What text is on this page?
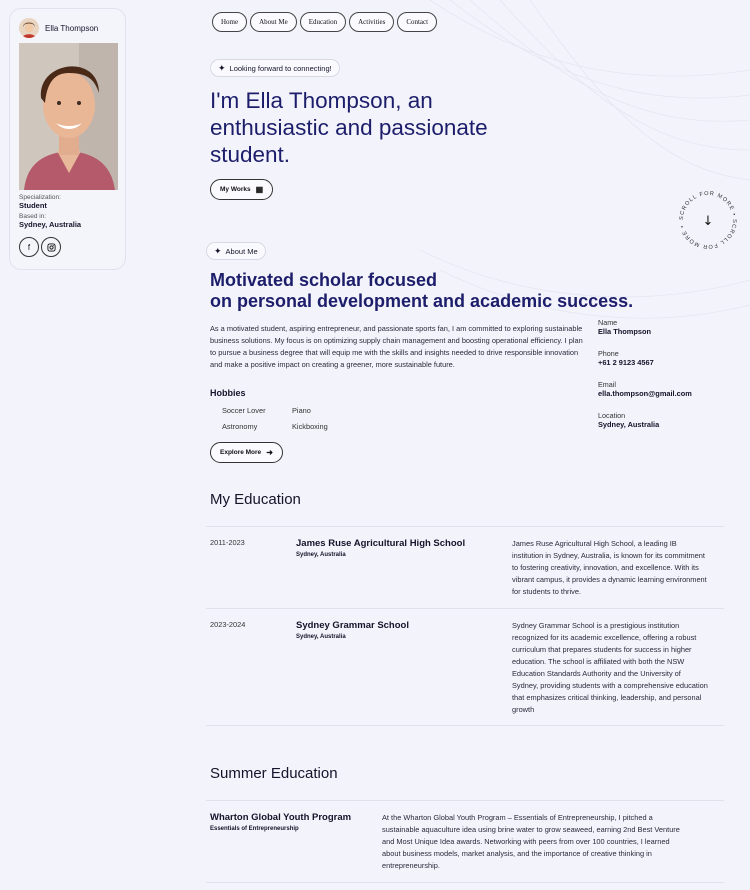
Ella Thompson
Specialization:
Student
Based in:
Sydney, Australia
f
Home	About Me	Education	Activities	Contact
✦ Looking forward to connecting!
I'm Ella Thompson, an enthusiastic and passionate student.
My Works ▦
SCROLL FOR MORE • SCROLL FOR MORE •	↓
✦ About Me
Motivated scholar focused
on personal development and academic success.
As a motivated student, aspiring entrepreneur, and passionate sports fan, I am committed to exploring sustainable business solutions. My focus is on optimizing supply chain management and boosting operational efficiency. I plan to pursue a business degree that will equip me with the skills and insights needed to drive responsible innovation and make a positive impact on creating a greener, more sustainable future.
Name
Ella Thompson
Phone
+61 2 9123 4567
Email
ella.thompson@gmail.com
Location
Sydney, Australia
Hobbies
Soccer Lover	Piano
Astronomy	Kickboxing
Explore More ➜
My Education
2011-2023	James Ruse Agricultural High School
Sydney, Australia
James Ruse Agricultural High School, a leading IB institution in Sydney, Australia, is known for its commitment to fostering creativity, innovation, and excellence. With its vibrant campus, it provides a dynamic learning environment for students to thrive.
2023-2024	Sydney Grammar School
Sydney, Australia
Sydney Grammar School is a prestigious institution recognized for its academic excellence, offering a robust curriculum that prepares students for success in higher education. The school is affiliated with both the NSW Education Standards Authority and the University of Sydney, providing students with a comprehensive education that emphasizes critical thinking, leadership, and personal growth
Summer Education
Wharton Global Youth Program
Essentials of Entrepreneurship
At the Wharton Global Youth Program – Essentials of Entrepreneurship, I pitched a sustainable aquaculture idea using brine water to grow seaweed, earning 2nd Best Venture and Most Unique Idea awards. Networking with peers from over 100 countries, I learned about business models, market analysis, and the importance of creative thinking in entrepreneurship.
